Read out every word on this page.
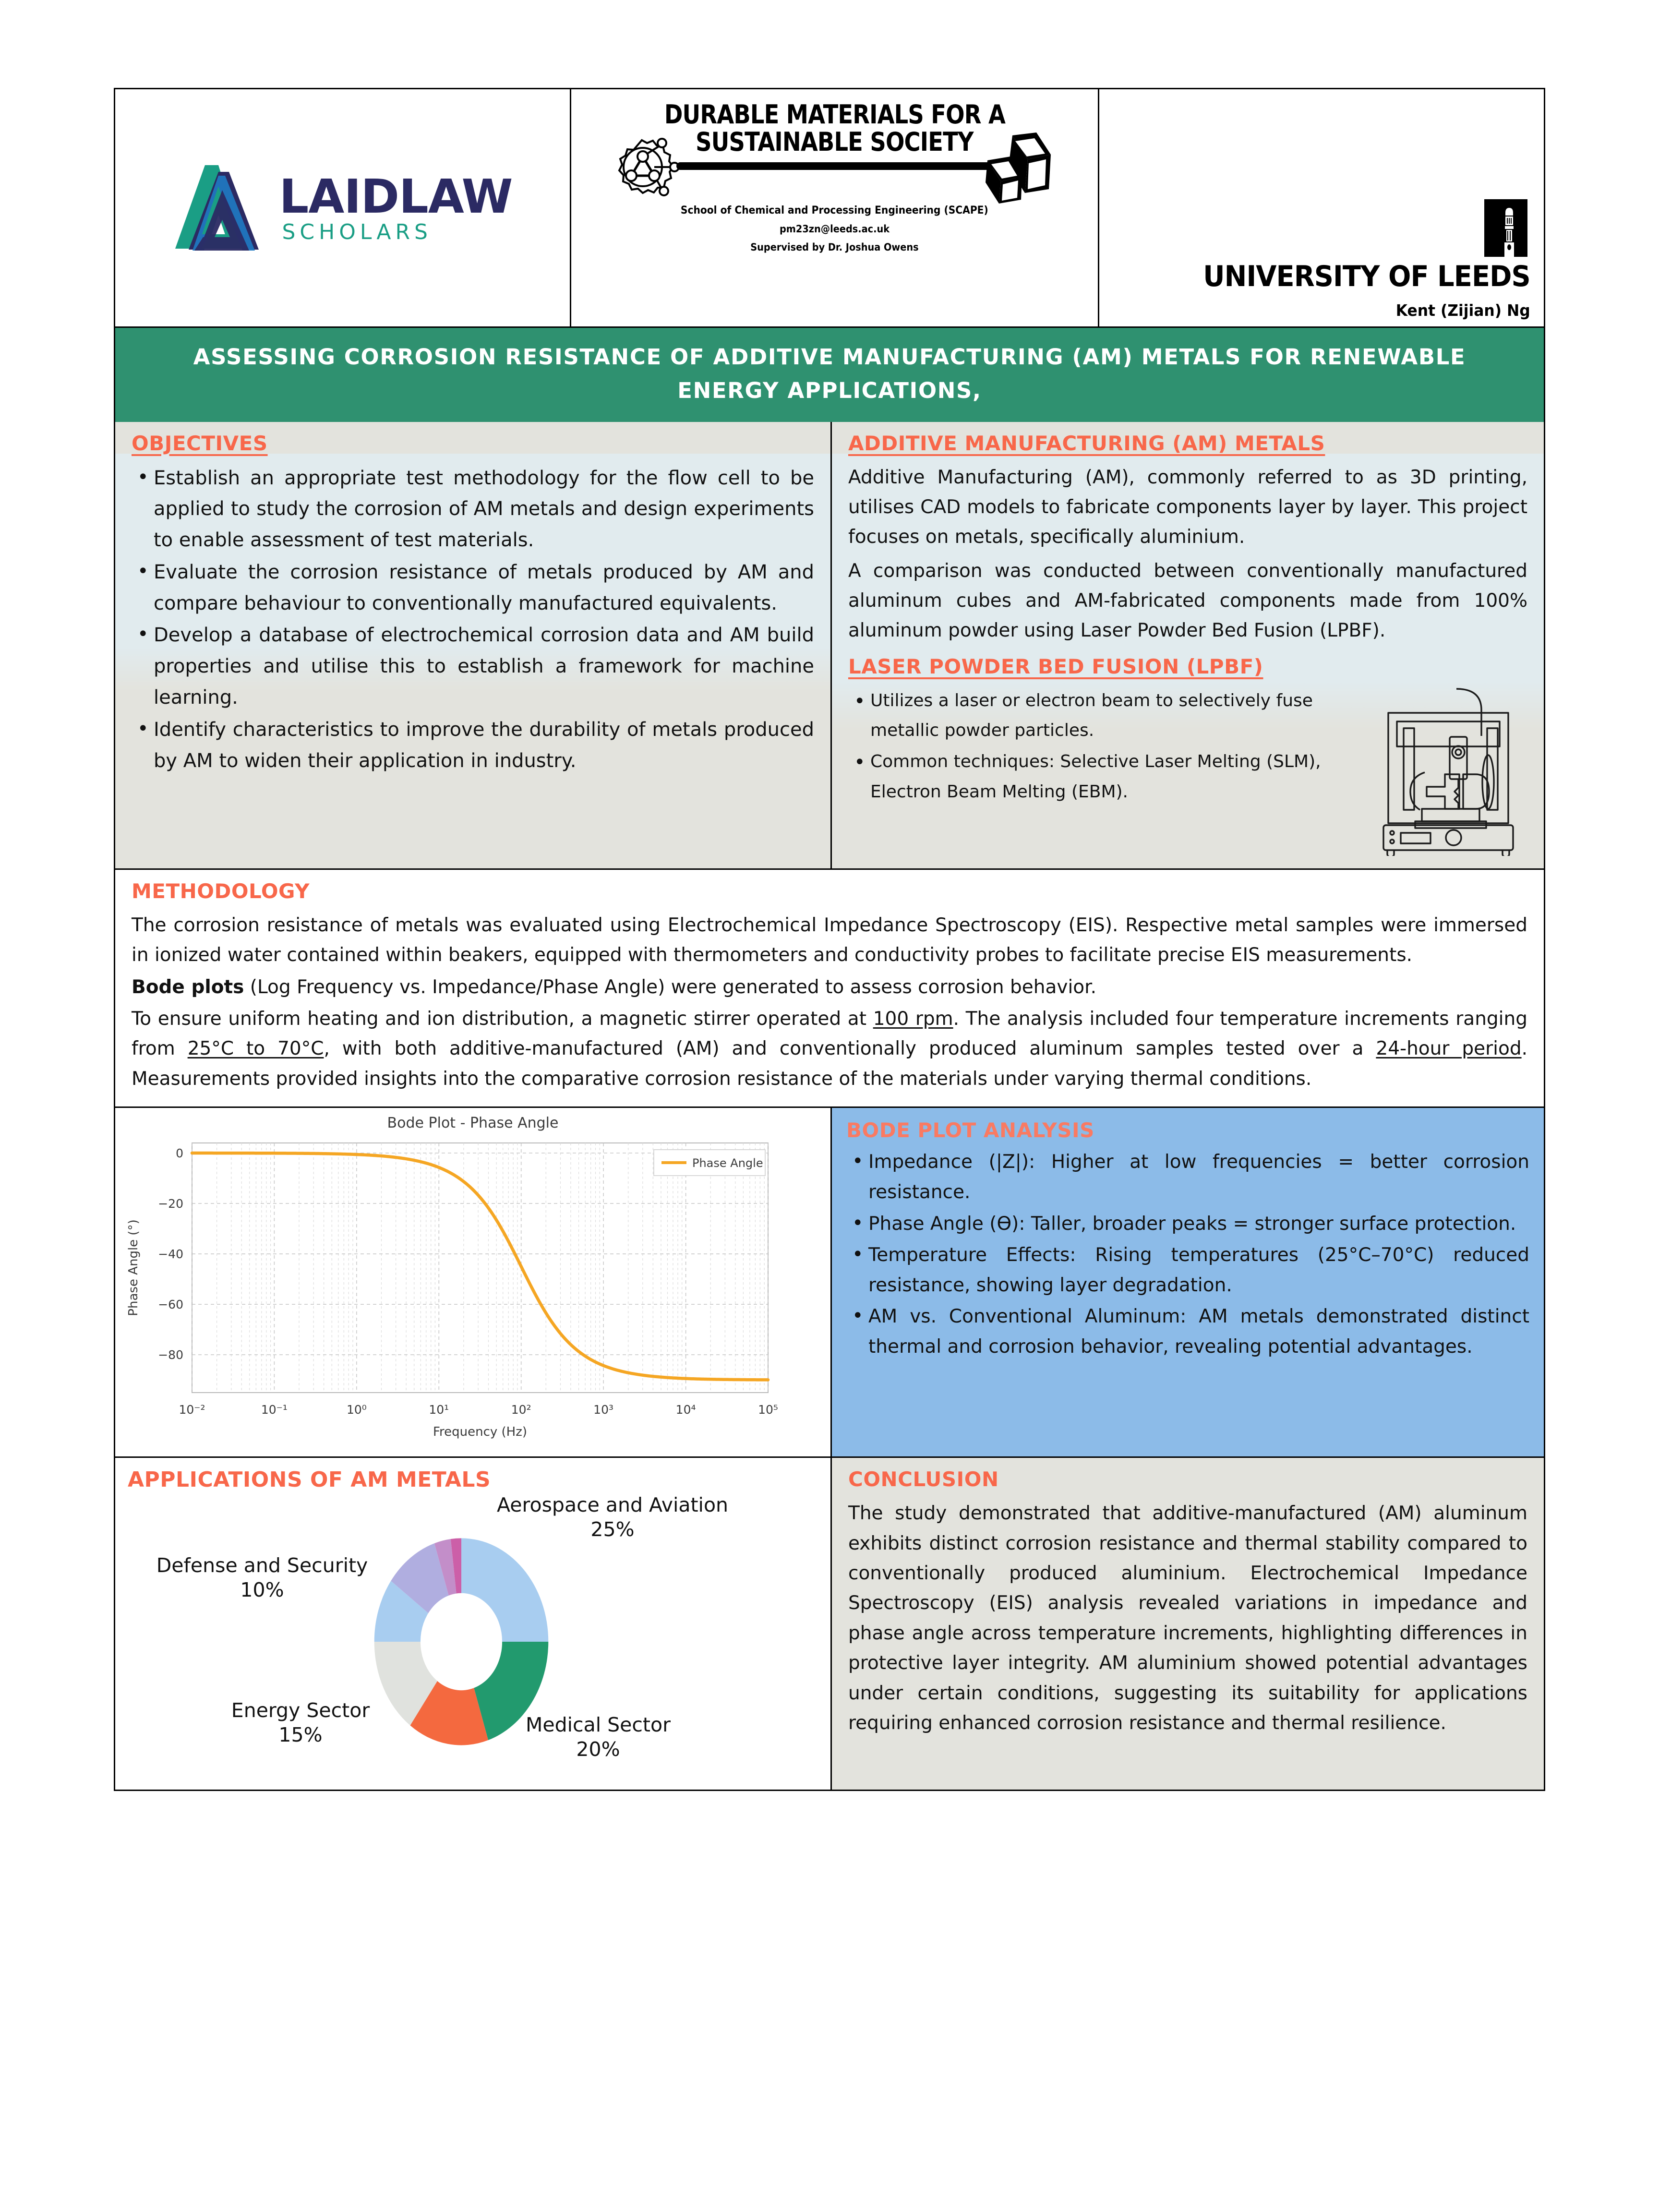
LAIDLAW
SCHOLARS
DURABLE MATERIALS FOR A
SUSTAINABLE SOCIETY
School of Chemical and Processing Engineering (SCAPE)
pm23zn@leeds.ac.uk
Supervised by Dr. Joshua Owens
UNIVERSITY OF LEEDS
Kent (Zijian) Ng
ASSESSING CORROSION RESISTANCE OF ADDITIVE MANUFACTURING (AM) METALS FOR RENEWABLE ENERGY APPLICATIONS,
OBJECTIVES
• Establish an appropriate test methodology for the flow cell to be applied to study the corrosion of AM metals and design experiments to enable assessment of test materials.
• Evaluate the corrosion resistance of metals produced by AM and compare behaviour to conventionally manufactured equivalents.
• Develop a database of electrochemical corrosion data and AM build properties and utilise this to establish a framework for machine learning.
• Identify characteristics to improve the durability of metals produced by AM to widen their application in industry.
ADDITIVE MANUFACTURING (AM) METALS

Additive Manufacturing (AM), commonly referred to as 3D printing, utilises CAD models to fabricate components layer by layer. This project focuses on metals, specifically aluminium.

A comparison was conducted between conventionally manufactured aluminum cubes and AM-fabricated components made from 100% aluminum powder using Laser Powder Bed Fusion (LPBF).

LASER POWDER BED FUSION (LPBF)
• Utilizes a laser or electron beam to selectively fuse metallic powder particles.
• Common techniques: Selective Laser Melting (SLM), Electron Beam Melting (EBM).
METHODOLOGY

The corrosion resistance of metals was evaluated using Electrochemical Impedance Spectroscopy (EIS). Respective metal samples were immersed in ionized water contained within beakers, equipped with thermometers and conductivity probes to facilitate precise EIS measurements.

Bode plots (Log Frequency vs. Impedance/Phase Angle) were generated to assess corrosion behavior.

To ensure uniform heating and ion distribution, a magnetic stirrer operated at 100 rpm. The analysis included four temperature increments ranging from 25°C to 70°C, with both additive-manufactured (AM) and conventionally produced aluminum samples tested over a 24-hour period. Measurements provided insights into the comparative corrosion resistance of the materials under varying thermal conditions.

Bode Plot - Phase Angle
10⁻²	10⁻¹	10⁰	10¹	10²	10³	10⁴	10⁵
0
−20
−40
−60
−80
Frequency (Hz)
Phase Angle (°)
Phase Angle
BODE PLOT ANALYSIS
• Impedance (|Z|): Higher at low frequencies = better corrosion resistance.
• Phase Angle (Ө): Taller, broader peaks = stronger surface protection.
• Temperature Effects: Rising temperatures (25°C–70°C) reduced resistance, showing layer degradation.
• AM vs. Conventional Aluminum: AM metals demonstrated distinct thermal and corrosion behavior, revealing potential advantages.
APPLICATIONS OF AM METALS
Aerospace and Aviation
25%
Defense and Security
10%
Energy Sector
15%	Medical Sector
20%
CONCLUSION

The study demonstrated that additive-manufactured (AM) aluminum exhibits distinct corrosion resistance and thermal stability compared to conventionally produced aluminium. Electrochemical Impedance Spectroscopy (EIS) analysis revealed variations in impedance and phase angle across temperature increments, highlighting differences in protective layer integrity. AM aluminium showed potential advantages under certain conditions, suggesting its suitability for applications requiring enhanced corrosion resistance and thermal resilience.
